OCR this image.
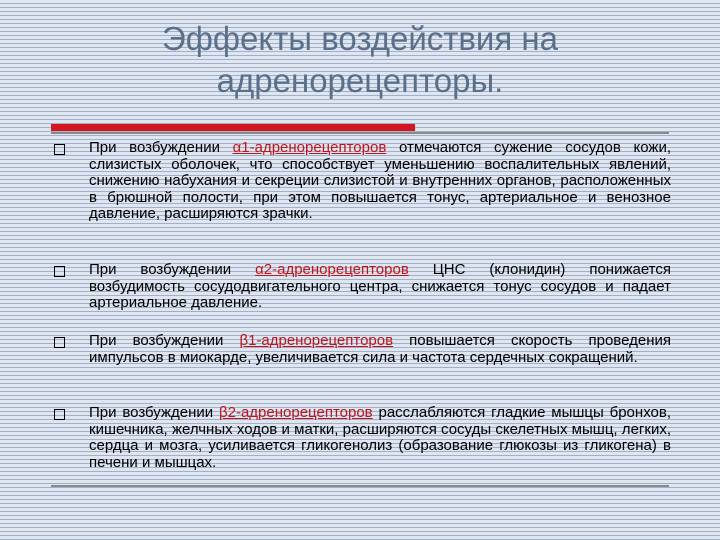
Эффекты воздействия на
адренорецепторы.
При возбуждении α1-адренорецепторов отмечаются сужение сосудов кожи, слизистых оболочек, что способствует уменьшению воспалительных явлений, снижению набухания и секреции слизистой и внутренних органов, расположенных в брюшной полости, при этом повышается тонус, артериальное и венозное давление, расширяются зрачки.
При возбуждении α2-адренорецепторов ЦНС (клонидин) понижается возбудимость сосудодвигательного центра, снижается тонус сосудов и падает артериальное давление.
При возбуждении β1-адренорецепторов повышается скорость проведения импульсов в миокарде, увеличивается сила и частота сердечных сокращений.
При возбуждении β2-адренорецепторов расслабляются гладкие мышцы бронхов, кишечника, желчных ходов и матки, расширяются сосуды скелетных мышц, легких, сердца и мозга, усиливается гликогенолиз (образование глюкозы из гликогена) в печени и мышцах.
